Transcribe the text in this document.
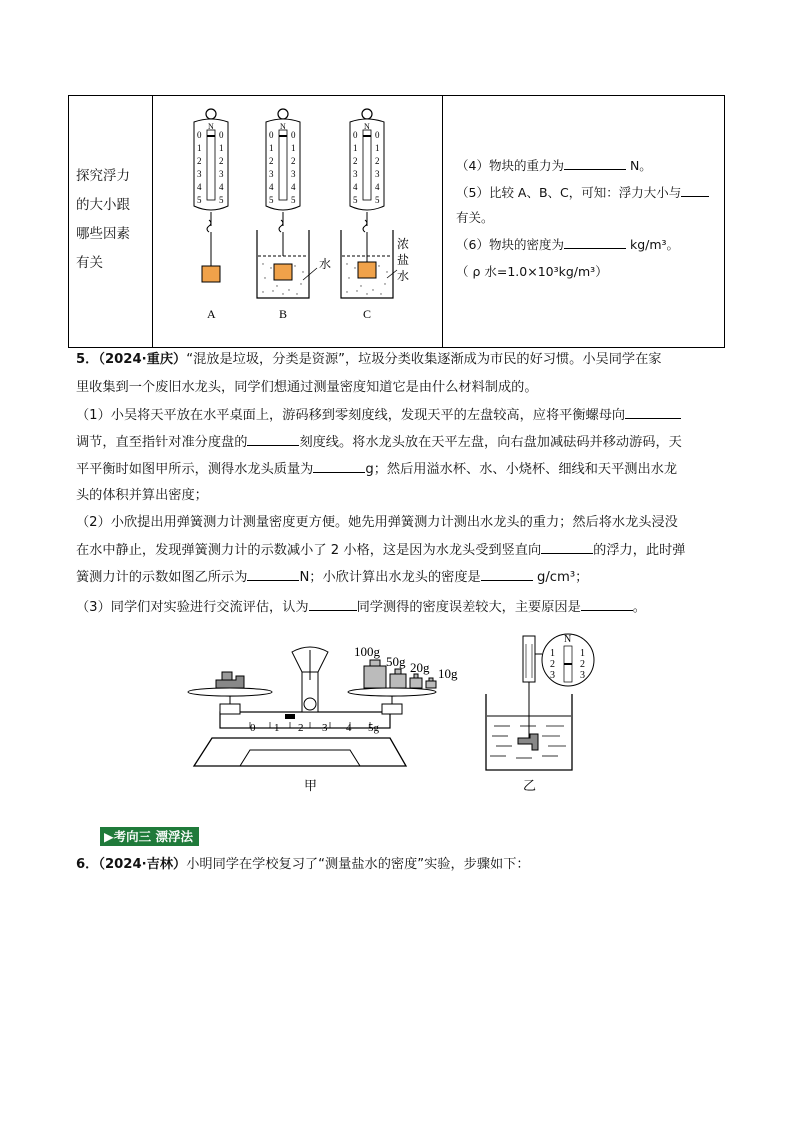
探究浮力
的大小跟
哪些因素
有关
N
0
1
2
3
4
5
0
1
2
3
4
5
A
N
0
1
2
3
4
5
0
1
2
3
4
5
水
B
N
0
1
2
3
4
5
0
1
2
3
4
5
浓
盐
水
C
（4）物块的重力为	N。
（5）比较 A、B、C，可知：浮力大小与
有关。
（6）物块的密度为	kg/m³。
（ ρ 水=1.0×10³kg/m³）
5．（2024·重庆）“混放是垃圾，分类是资源”，垃圾分类收集逐渐成为市民的好习惯。小吴同学在家
里收集到一个废旧水龙头，同学们想通过测量密度知道它是由什么材料制成的。
（1）小吴将天平放在水平桌面上，游码移到零刻度线，发现天平的左盘较高，应将平衡螺母向
调节，直至指针对准分度盘的	刻度线。将水龙头放在天平左盘，向右盘加减砝码并移动游码，天
平平衡时如图甲所示，测得水龙头质量为	g；然后用溢水杯、水、小烧杯、细线和天平测出水龙
头的体积并算出密度；
（2）小欣提出用弹簧测力计测量密度更方便。她先用弹簧测力计测出水龙头的重力；然后将水龙头浸没
在水中静止，发现弹簧测力计的示数减小了 2 小格，这是因为水龙头受到竖直向	的浮力，此时弹
簧测力计的示数如图乙所示为	N；小欣计算出水龙头的密度是	g/cm³；
（3）同学们对实验进行交流评估，认为	同学测得的密度误差较大，主要原因是	。
0 1 2 3 4 5g
100g
50g 20g 10g
甲
N
1
2
3
1
2
3
乙
▶考向三 漂浮法
6．（2024·吉林）小明同学在学校复习了“测量盐水的密度”实验，步骤如下：
